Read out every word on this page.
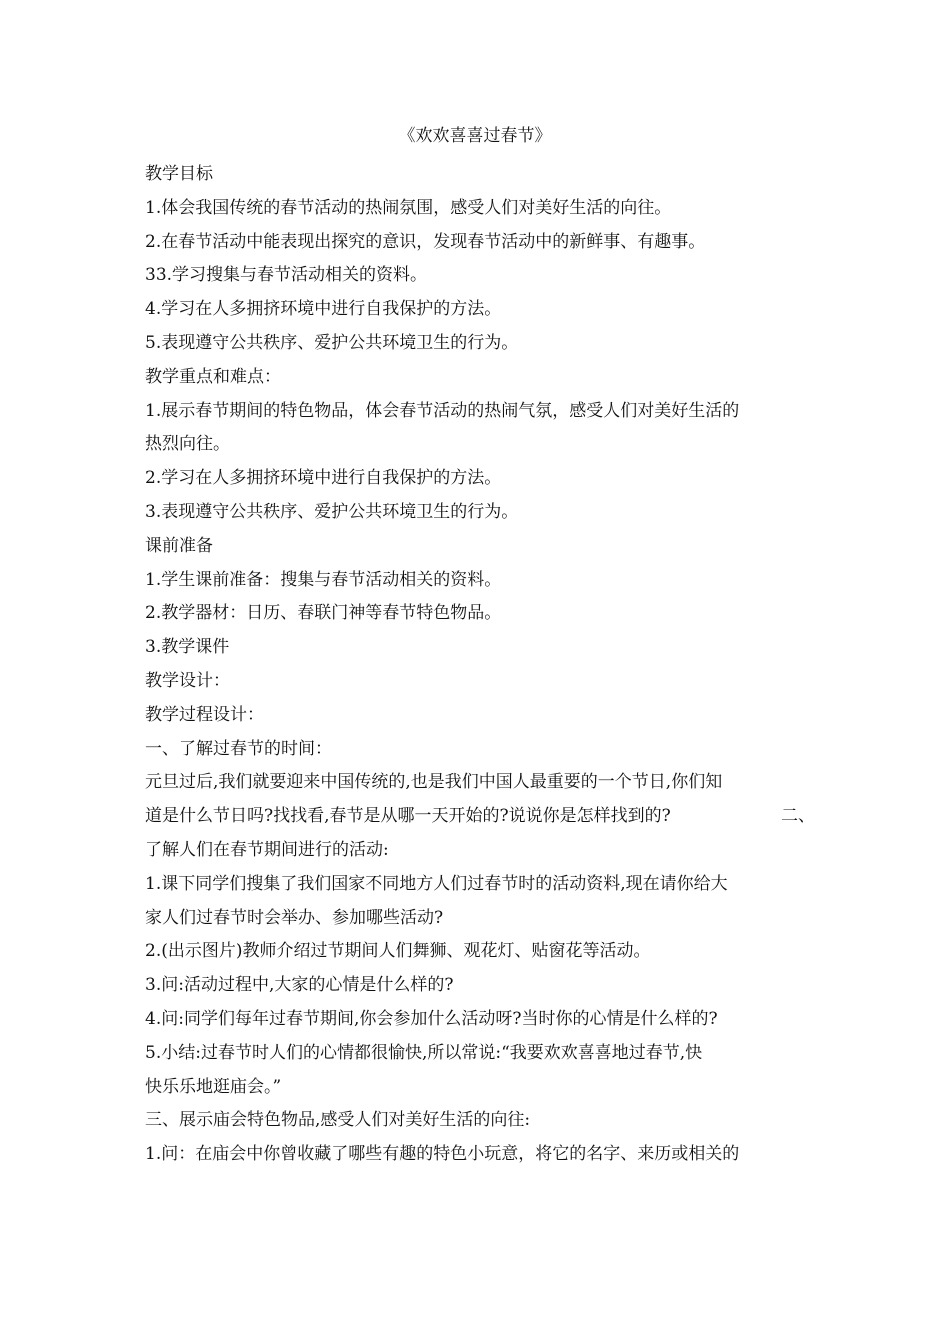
《欢欢喜喜过春节》
教学目标
1.体会我国传统的春节活动的热闹氛围，感受人们对美好生活的向往。
2.在春节活动中能表现出探究的意识，发现春节活动中的新鲜事、有趣事。
33.学习搜集与春节活动相关的资料。
4.学习在人多拥挤环境中进行自我保护的方法。
5.表现遵守公共秩序、爱护公共环境卫生的行为。
教学重点和难点：
1.展示春节期间的特色物品，体会春节活动的热闹气氛，感受人们对美好生活的
热烈向往。
2.学习在人多拥挤环境中进行自我保护的方法。
3.表现遵守公共秩序、爱护公共环境卫生的行为。
课前准备
1.学生课前准备：搜集与春节活动相关的资料。
2.教学器材：日历、春联门神等春节特色物品。
3.教学课件
教学设计：
教学过程设计：
一、了解过春节的时间：
元旦过后,我们就要迎来中国传统的,也是我们中国人最重要的一个节日,你们知
道是什么节日吗?找找看,春节是从哪一天开始的?说说你是怎样找到的?	二、
了解人们在春节期间进行的活动:
1.课下同学们搜集了我们国家不同地方人们过春节时的活动资料,现在请你给大
家人们过春节时会举办、参加哪些活动?
2.(出示图片)教师介绍过节期间人们舞狮、观花灯、贴窗花等活动。
3.问:活动过程中,大家的心情是什么样的?
4.问:同学们每年过春节期间,你会参加什么活动呀?当时你的心情是什么样的?
5.小结:过春节时人们的心情都很愉快,所以常说:“我要欢欢喜喜地过春节,快
快乐乐地逛庙会。”
三、展示庙会特色物品,感受人们对美好生活的向往:
1.问：在庙会中你曾收藏了哪些有趣的特色小玩意，将它的名字、来历或相关的
